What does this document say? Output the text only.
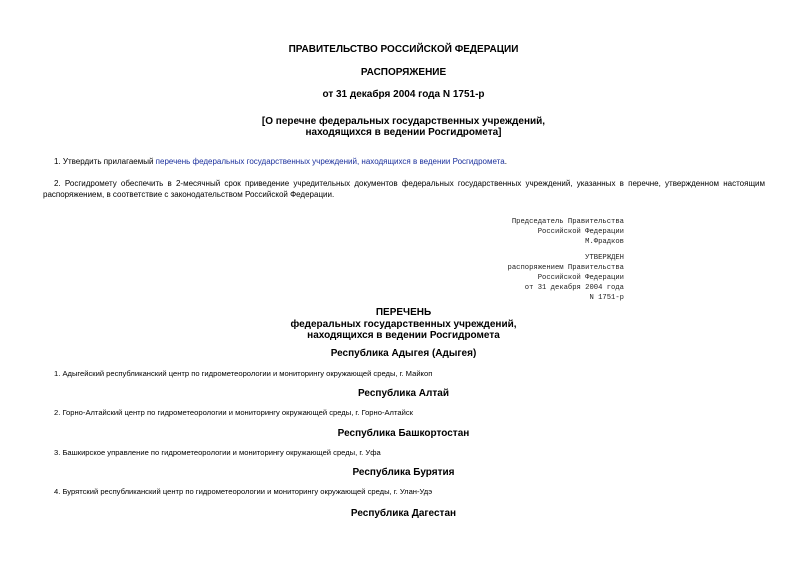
ПРАВИТЕЛЬСТВО РОССИЙСКОЙ ФЕДЕРАЦИИ
РАСПОРЯЖЕНИЕ
от 31 декабря 2004 года N 1751-р
[О перечне федеральных государственных учреждений,
находящихся в ведении Росгидромета]
1. Утвердить прилагаемый перечень федеральных государственных учреждений, находящихся в ведении Росгидромета.
2. Росгидромету обеспечить в 2-месячный срок приведение учредительных документов федеральных государственных учреждений, указанных в перечне, утвержденном настоящим распоряжением, в соответствие с законодательством Российской Федерации.
Председатель Правительства
Российской Федерации
М.Фрадков
УТВЕРЖДЕН
распоряжением Правительства
Российской Федерации
от 31 декабря 2004 года
N 1751-р
ПЕРЕЧЕНЬ
федеральных государственных учреждений,
находящихся в ведении Росгидромета
Республика Адыгея (Адыгея)
1. Адыгейский республиканский центр по гидрометеорологии и мониторингу окружающей среды, г. Майкоп
Республика Алтай
2. Горно-Алтайский центр по гидрометеорологии и мониторингу окружающей среды, г. Горно-Алтайск
Республика Башкортостан
3. Башкирское управление по гидрометеорологии и мониторингу окружающей среды, г. Уфа
Республика Бурятия
4. Бурятский республиканский центр по гидрометеорологии и мониторингу окружающей среды, г. Улан-Удэ
Республика Дагестан
